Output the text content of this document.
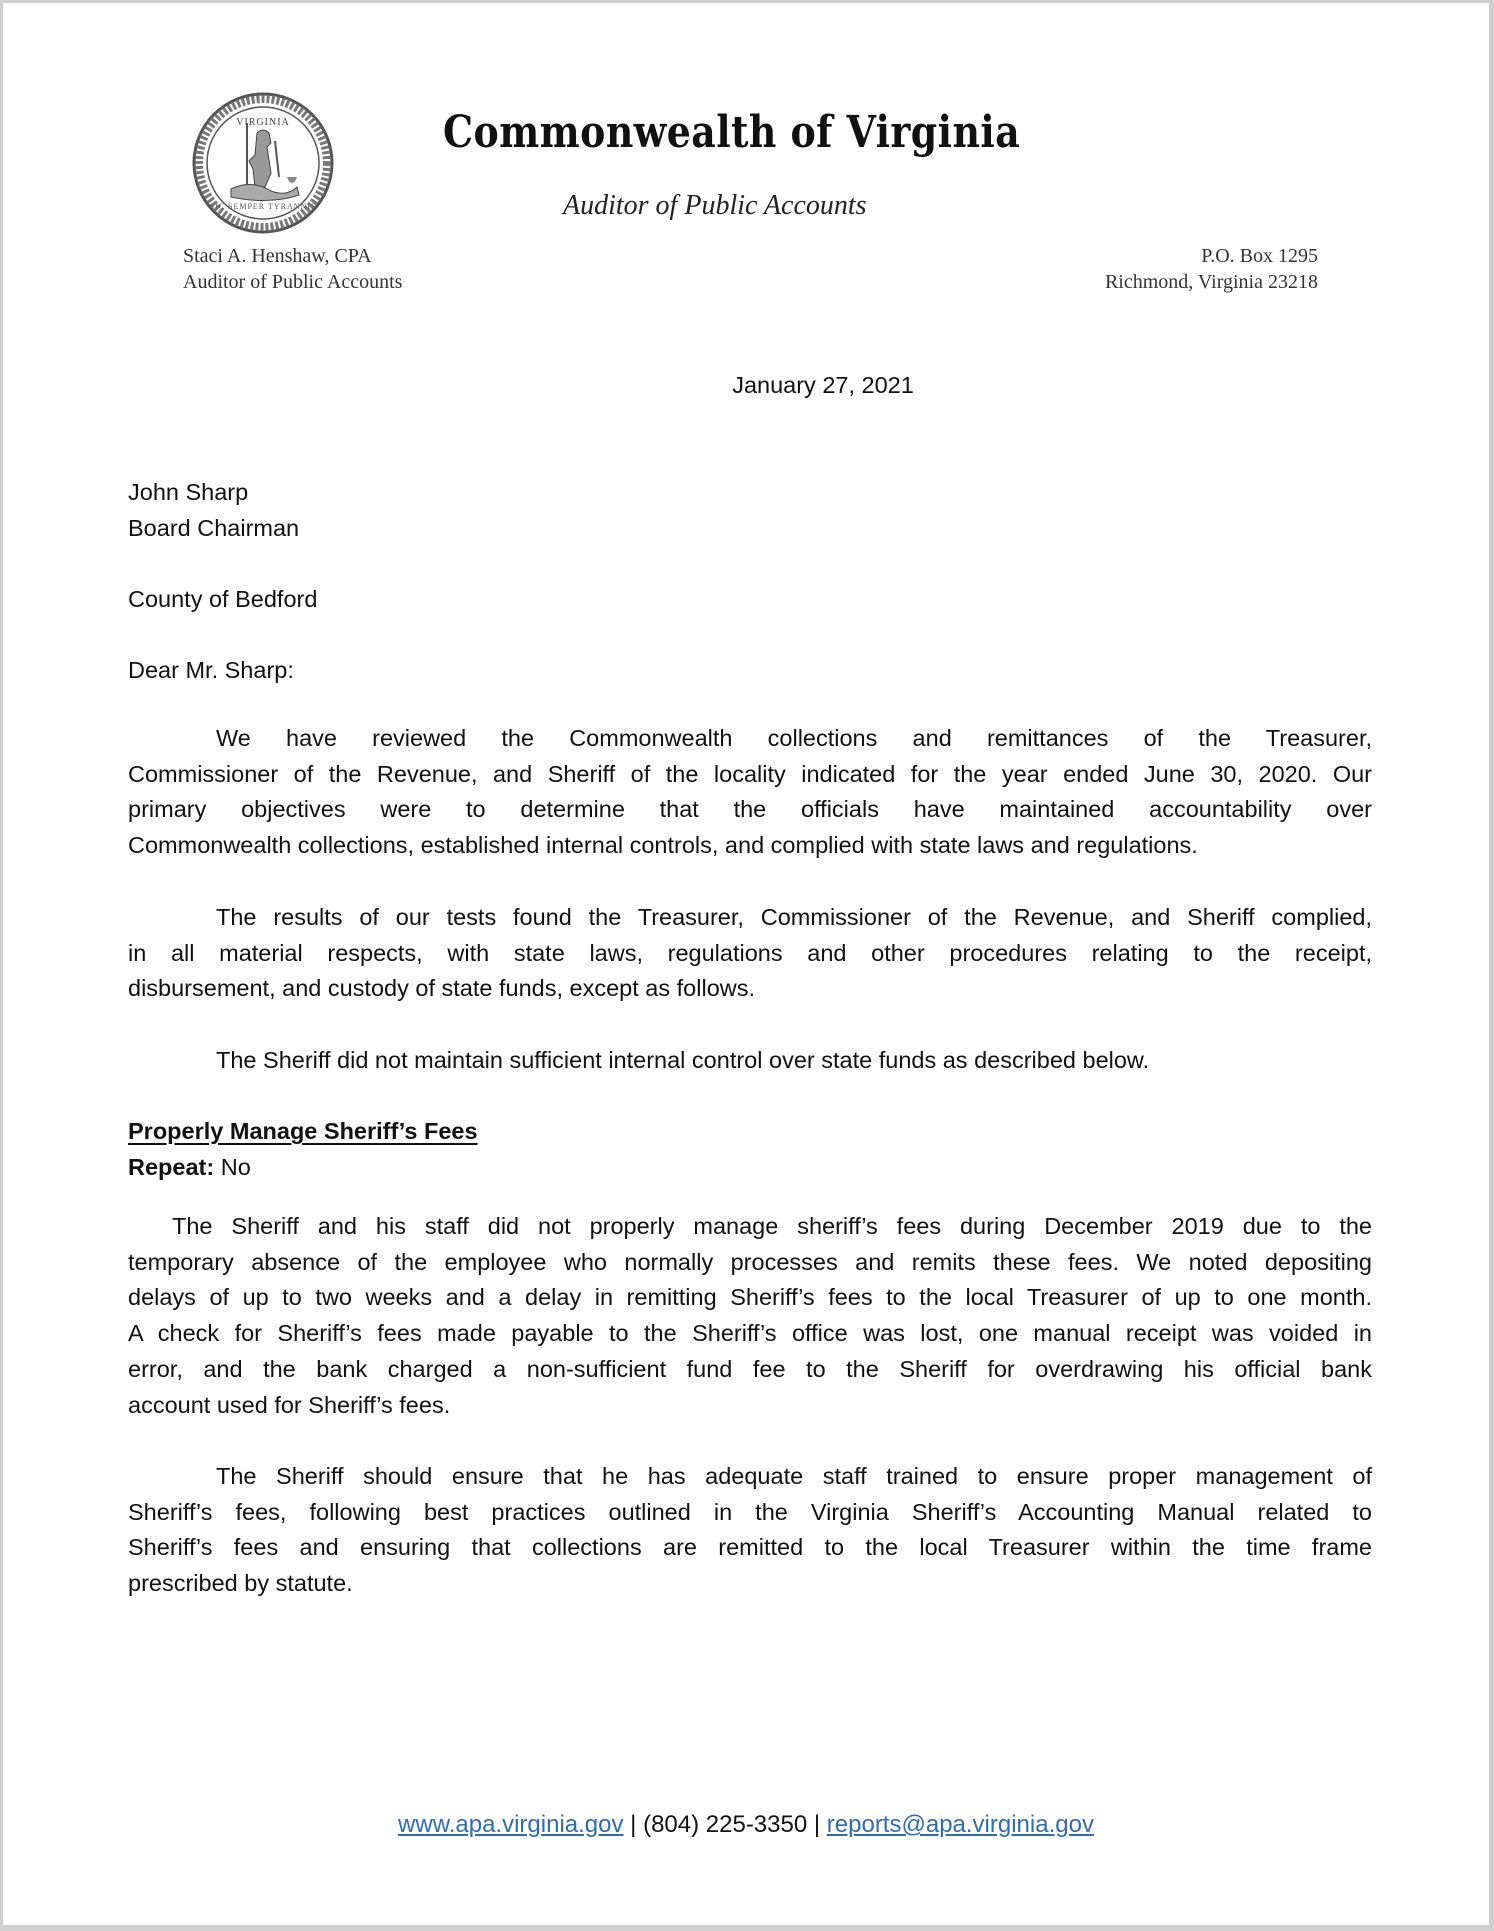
VIRGINIA
SIC SEMPER TYRANNIS
Commonwealth of Virginia
Auditor of Public Accounts
Staci A. Henshaw, CPA
Auditor of Public Accounts
P.O. Box 1295
Richmond, Virginia 23218
January 27, 2021
John Sharp
Board Chairman
County of Bedford
Dear Mr. Sharp:
We have reviewed the Commonwealth collections and remittances of the Treasurer,
Commissioner of the Revenue, and Sheriff of the locality indicated for the year ended June 30, 2020. Our
primary objectives were to determine that the officials have maintained accountability over
Commonwealth collections, established internal controls, and complied with state laws and regulations.
The results of our tests found the Treasurer, Commissioner of the Revenue, and Sheriff complied,
in all material respects, with state laws, regulations and other procedures relating to the receipt,
disbursement, and custody of state funds, except as follows.
The Sheriff did not maintain sufficient internal control over state funds as described below.
Properly Manage Sheriff’s Fees
Repeat: No
The Sheriff and his staff did not properly manage sheriff’s fees during December 2019 due to the
temporary absence of the employee who normally processes and remits these fees. We noted depositing
delays of up to two weeks and a delay in remitting Sheriff’s fees to the local Treasurer of up to one month.
A check for Sheriff’s fees made payable to the Sheriff’s office was lost, one manual receipt was voided in
error, and the bank charged a non-sufficient fund fee to the Sheriff for overdrawing his official bank
account used for Sheriff’s fees.
The Sheriff should ensure that he has adequate staff trained to ensure proper management of
Sheriff’s fees, following best practices outlined in the Virginia Sheriff’s Accounting Manual related to
Sheriff’s fees and ensuring that collections are remitted to the local Treasurer within the time frame
prescribed by statute.
www.apa.virginia.gov | (804) 225-3350 | reports@apa.virginia.gov
